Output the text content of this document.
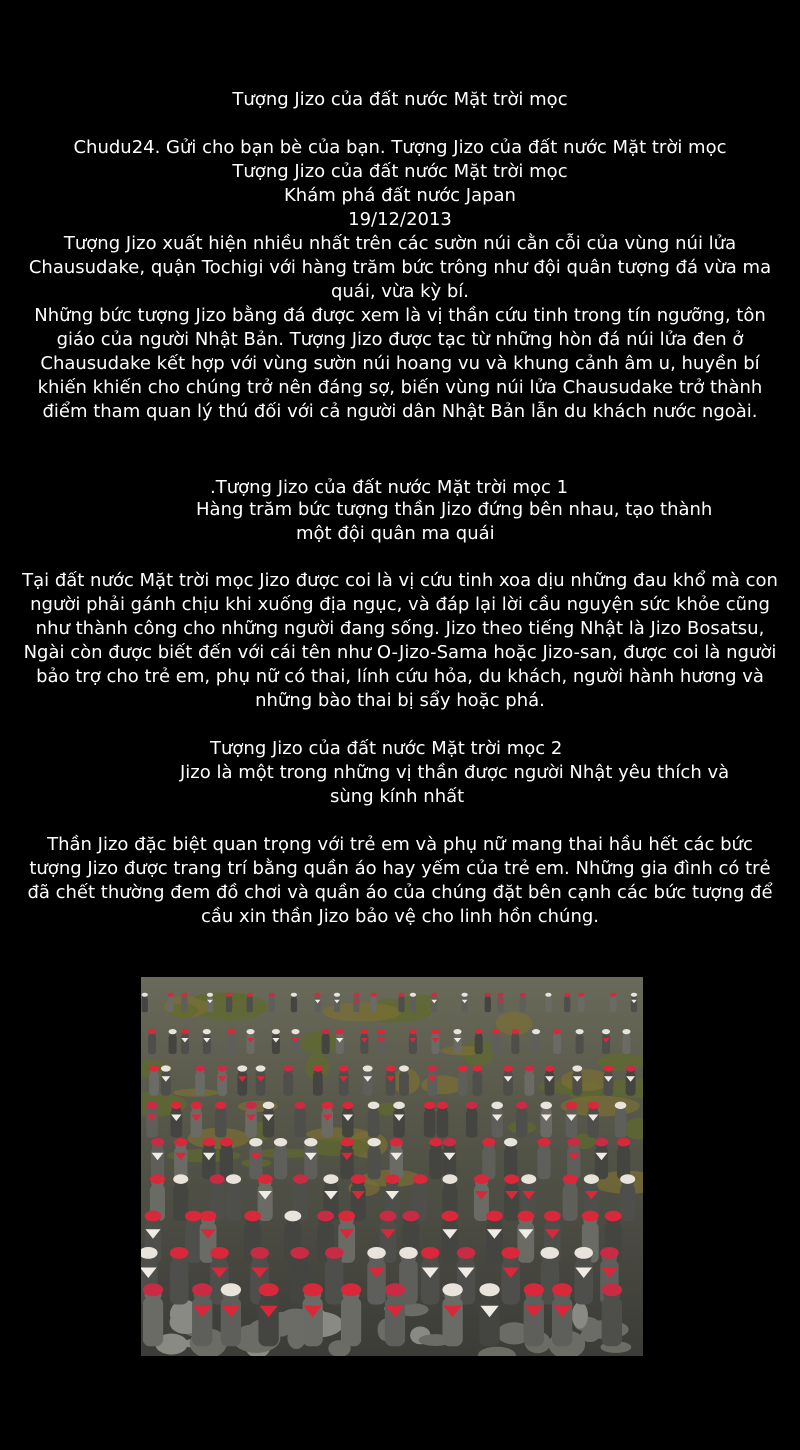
Tượng Jizo của đất nước Mặt trời mọc

Chudu24. Gửi cho bạn bè của bạn. Tượng Jizo của đất nước Mặt trời mọc
Tượng Jizo của đất nước Mặt trời mọc
Khám phá đất nước Japan
19/12/2013
Tượng Jizo xuất hiện nhiều nhất trên các sườn núi cằn cỗi của vùng núi lửa Chausudake, quận Tochigi với hàng trăm bức trông như đội quân tượng đá vừa ma quái, vừa kỳ bí.
Những bức tượng Jizo bằng đá được xem là vị thần cứu tinh trong tín ngưỡng, tôn giáo của người Nhật Bản. Tượng Jizo được tạc từ những hòn đá núi lửa đen ở Chausudake kết hợp với vùng sườn núi hoang vu và khung cảnh âm u, huyền bí khiến khiến cho chúng trở nên đáng sợ, biến vùng núi lửa Chausudake trở thành điểm tham quan lý thú đối với cả người dân Nhật Bản lẫn du khách nước ngoài.

.Tượng Jizo của đất nước Mặt trời mọc 1

Hàng trăm bức tượng thần Jizo đứng bên nhau, tạo thành

một đội quân ma quái

Tại đất nước Mặt trời mọc Jizo được coi là vị cứu tinh xoa dịu những đau khổ mà con người phải gánh chịu khi xuống địa ngục, và đáp lại lời cầu nguyện sức khỏe cũng như thành công cho những người đang sống. Jizo theo tiếng Nhật là Jizo Bosatsu, Ngài còn được biết đến với cái tên như O-Jizo-Sama hoặc Jizo-san, được coi là người bảo trợ cho trẻ em, phụ nữ có thai, lính cứu hỏa, du khách, người hành hương và những bào thai bị sẩy hoặc phá.

Tượng Jizo của đất nước Mặt trời mọc 2

Jizo là một trong những vị thần được người Nhật yêu thích và

sùng kính nhất

Thần Jizo đặc biệt quan trọng với trẻ em và phụ nữ mang thai hầu hết các bức tượng Jizo được trang trí bằng quần áo hay yếm của trẻ em. Những gia đình có trẻ đã chết thường đem đồ chơi và quần áo của chúng đặt bên cạnh các bức tượng để cầu xin thần Jizo bảo vệ cho linh hồn chúng.
